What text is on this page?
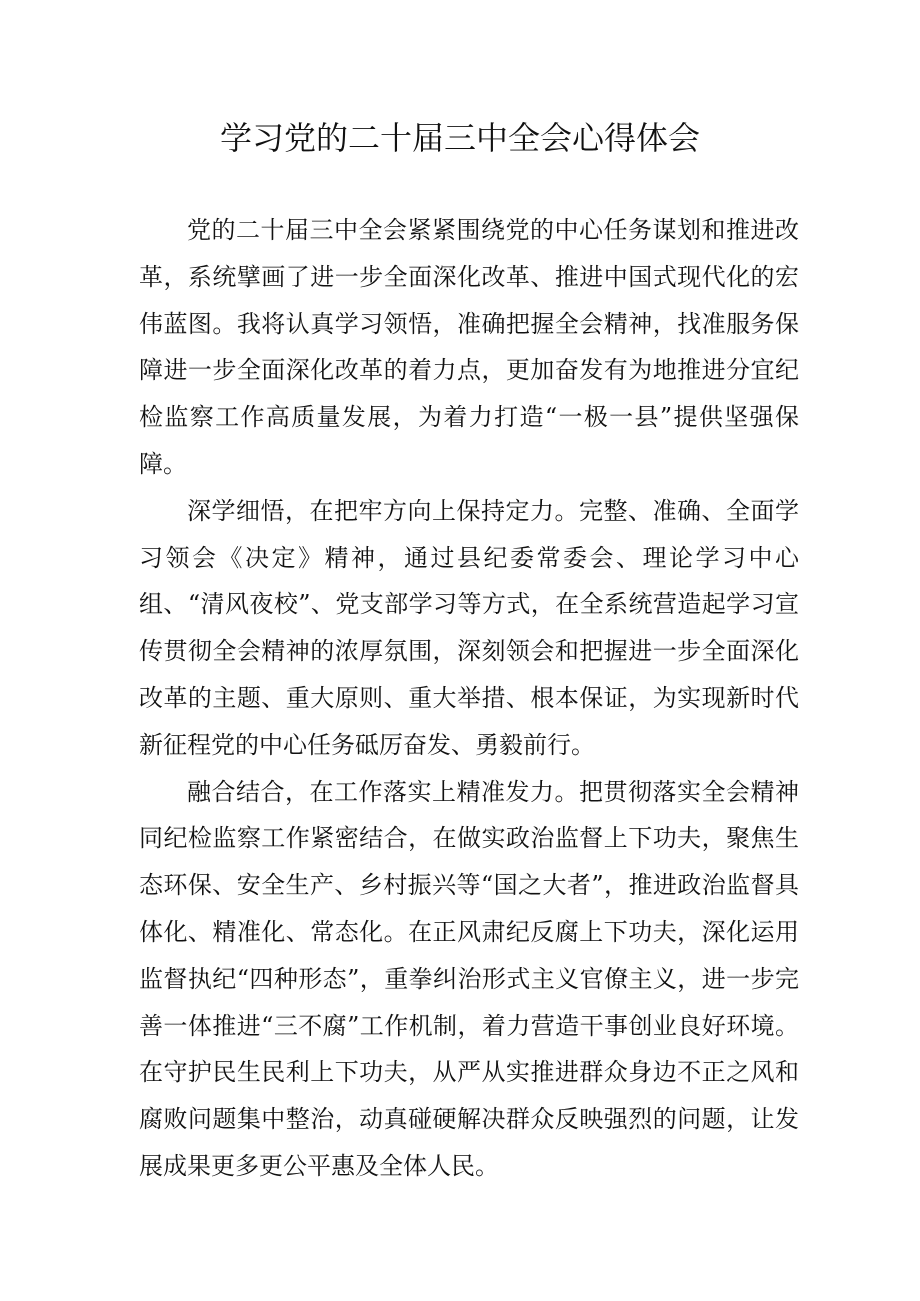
学习党的二十届三中全会心得体会

党的二十届三中全会紧紧围绕党的中心任务谋划和推进改革，系统擘画了进一步全面深化改革、推进中国式现代化的宏伟蓝图。我将认真学习领悟，准确把握全会精神，找准服务保障进一步全面深化改革的着力点，更加奋发有为地推进分宜纪检监察工作高质量发展，为着力打造“一极一县”提供坚强保障。

深学细悟，在把牢方向上保持定力。完整、准确、全面学习领会《决定》精神，通过县纪委常委会、理论学习中心组、“清风夜校”、党支部学习等方式，在全系统营造起学习宣传贯彻全会精神的浓厚氛围，深刻领会和把握进一步全面深化改革的主题、重大原则、重大举措、根本保证，为实现新时代新征程党的中心任务砥厉奋发、勇毅前行。

融合结合，在工作落实上精准发力。把贯彻落实全会精神同纪检监察工作紧密结合，在做实政治监督上下功夫，聚焦生态环保、安全生产、乡村振兴等“国之大者”，推进政治监督具体化、精准化、常态化。在正风肃纪反腐上下功夫，深化运用监督执纪“四种形态”，重拳纠治形式主义官僚主义，进一步完善一体推进“三不腐”工作机制，着力营造干事创业良好环境。在守护民生民利上下功夫，从严从实推进群众身边不正之风和腐败问题集中整治，动真碰硬解决群众反映强烈的问题，让发展成果更多更公平惠及全体人民。
